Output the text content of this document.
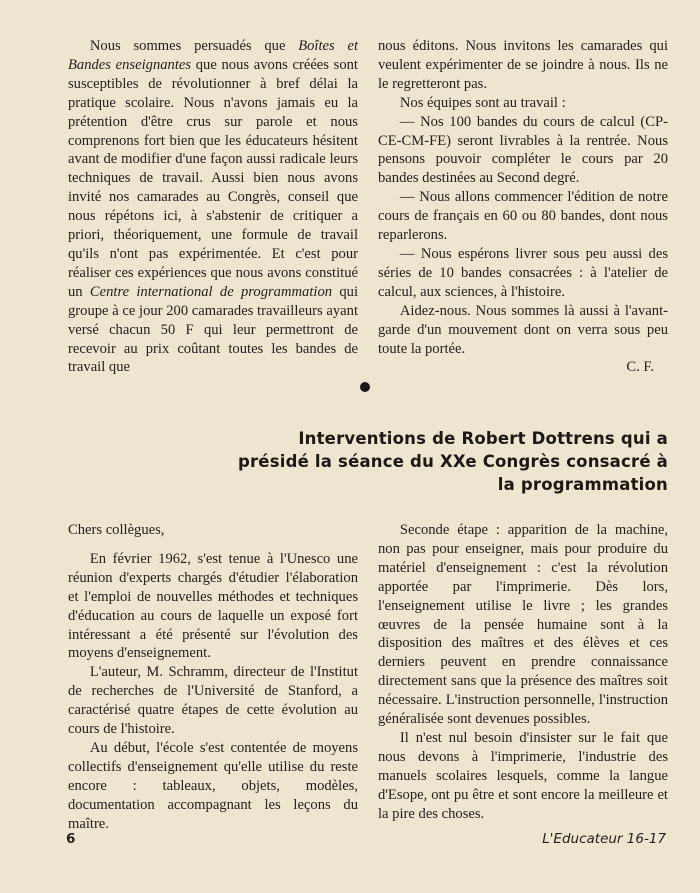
Nous sommes persuadés que Boîtes et Bandes enseignantes que nous avons créées sont susceptibles de révolutionner à bref délai la pratique scolaire. Nous n'avons jamais eu la prétention d'être crus sur parole et nous comprenons fort bien que les éducateurs hésitent avant de modifier d'une façon aussi radicale leurs techniques de travail. Aussi bien nous avons invité nos camarades au Congrès, conseil que nous répétons ici, à s'abstenir de critiquer a priori, théoriquement, une formule de travail qu'ils n'ont pas expérimentée. Et c'est pour réaliser ces expériences que nous avons constitué un Centre international de programmation qui groupe à ce jour 200 camarades travailleurs ayant versé chacun 50 F qui leur permettront de recevoir au prix coûtant toutes les bandes de travail que

nous éditons. Nous invitons les camarades qui veulent expérimenter de se joindre à nous. Ils ne le regretteront pas.

Nos équipes sont au travail :

— Nos 100 bandes du cours de calcul (CP-CE-CM-FE) seront livrables à la rentrée. Nous pensons pouvoir compléter le cours par 20 bandes destinées au Second degré.

— Nous allons commencer l'édition de notre cours de français en 60 ou 80 bandes, dont nous reparlerons.

— Nous espérons livrer sous peu aussi des séries de 10 bandes consacrées : à l'atelier de calcul, aux sciences, à l'histoire.

Aidez-nous. Nous sommes là aussi à l'avant-garde d'un mouvement dont on verra sous peu toute la portée.

C. F.

Interventions de Robert Dottrens qui a présidé la séance du XXe Congrès consacré à la programmation

Chers collègues,

En février 1962, s'est tenue à l'Unesco une réunion d'experts chargés d'étudier l'élaboration et l'emploi de nouvelles méthodes et techniques d'éducation au cours de laquelle un exposé fort intéressant a été présenté sur l'évolution des moyens d'enseignement.

L'auteur, M. Schramm, directeur de l'Institut de recherches de l'Université de Stanford, a caractérisé quatre étapes de cette évolution au cours de l'histoire.

Au début, l'école s'est contentée de moyens collectifs d'enseignement qu'elle utilise du reste encore : tableaux, objets, modèles, documentation accompagnant les leçons du maître.

Seconde étape : apparition de la machine, non pas pour enseigner, mais pour produire du matériel d'enseignement : c'est la révolution apportée par l'imprimerie. Dès lors, l'enseignement utilise le livre ; les grandes œuvres de la pensée humaine sont à la disposition des maîtres et des élèves et ces derniers peuvent en prendre connaissance directement sans que la présence des maîtres soit nécessaire. L'instruction personnelle, l'instruction généralisée sont devenues possibles.

Il n'est nul besoin d'insister sur le fait que nous devons à l'imprimerie, l'industrie des manuels scolaires lesquels, comme la langue d'Esope, ont pu être et sont encore la meilleure et la pire des choses.

6	L'Educateur 16-17
